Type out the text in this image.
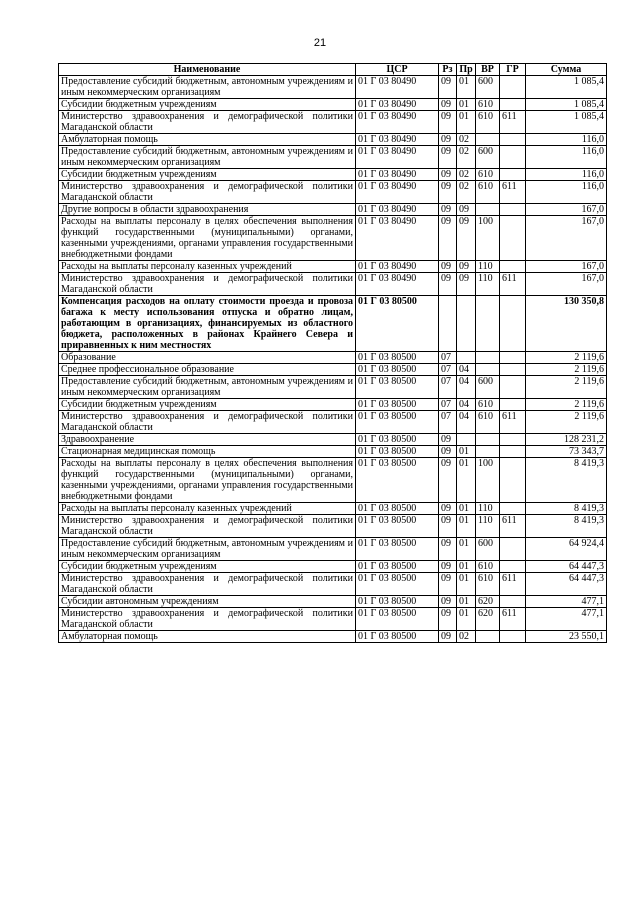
21
Наименование	ЦСР	Рз	Пр	ВР	ГР	Сумма
Предоставление субсидий бюджетным, автономным учреждениям и иным некоммерческим организациям	01 Г 03 80490	09	01	600		1 085,4
Субсидии бюджетным учреждениям	01 Г 03 80490	09	01	610		1 085,4
Министерство здравоохранения и демографической политики Магаданской области	01 Г 03 80490	09	01	610	611	1 085,4
Амбулаторная помощь	01 Г 03 80490	09	02			116,0
Предоставление субсидий бюджетным, автономным учреждениям и иным некоммерческим организациям	01 Г 03 80490	09	02	600		116,0
Субсидии бюджетным учреждениям	01 Г 03 80490	09	02	610		116,0
Министерство здравоохранения и демографической политики Магаданской области	01 Г 03 80490	09	02	610	611	116,0
Другие вопросы в области здравоохранения	01 Г 03 80490	09	09			167,0
Расходы на выплаты персоналу в целях обеспечения выполнения функций государственными (муниципальными) органами, казенными учреждениями, органами управления государственными внебюджетными фондами	01 Г 03 80490	09	09	100		167,0
Расходы на выплаты персоналу казенных учреждений	01 Г 03 80490	09	09	110		167,0
Министерство здравоохранения и демографической политики Магаданской области	01 Г 03 80490	09	09	110	611	167,0
Компенсация расходов на оплату стоимости проезда и провоза багажа к месту использования отпуска и обратно лицам, работающим в организациях, финансируемых из областного бюджета, расположенных в районах Крайнего Севера и приравненных к ним местностях	01 Г 03 80500					130 350,8
Образование	01 Г 03 80500	07				2 119,6
Среднее профессиональное образование	01 Г 03 80500	07	04			2 119,6
Предоставление субсидий бюджетным, автономным учреждениям и иным некоммерческим организациям	01 Г 03 80500	07	04	600		2 119,6
Субсидии бюджетным учреждениям	01 Г 03 80500	07	04	610		2 119,6
Министерство здравоохранения и демографической политики Магаданской области	01 Г 03 80500	07	04	610	611	2 119,6
Здравоохранение	01 Г 03 80500	09				128 231,2
Стационарная медицинская помощь	01 Г 03 80500	09	01			73 343,7
Расходы на выплаты персоналу в целях обеспечения выполнения функций государственными (муниципальными) органами, казенными учреждениями, органами управления государственными внебюджетными фондами	01 Г 03 80500	09	01	100		8 419,3
Расходы на выплаты персоналу казенных учреждений	01 Г 03 80500	09	01	110		8 419,3
Министерство здравоохранения и демографической политики Магаданской области	01 Г 03 80500	09	01	110	611	8 419,3
Предоставление субсидий бюджетным, автономным учреждениям и иным некоммерческим организациям	01 Г 03 80500	09	01	600		64 924,4
Субсидии бюджетным учреждениям	01 Г 03 80500	09	01	610		64 447,3
Министерство здравоохранения и демографической политики Магаданской области	01 Г 03 80500	09	01	610	611	64 447,3
Субсидии автономным учреждениям	01 Г 03 80500	09	01	620		477,1
Министерство здравоохранения и демографической политики Магаданской области	01 Г 03 80500	09	01	620	611	477,1
Амбулаторная помощь	01 Г 03 80500	09	02			23 550,1
